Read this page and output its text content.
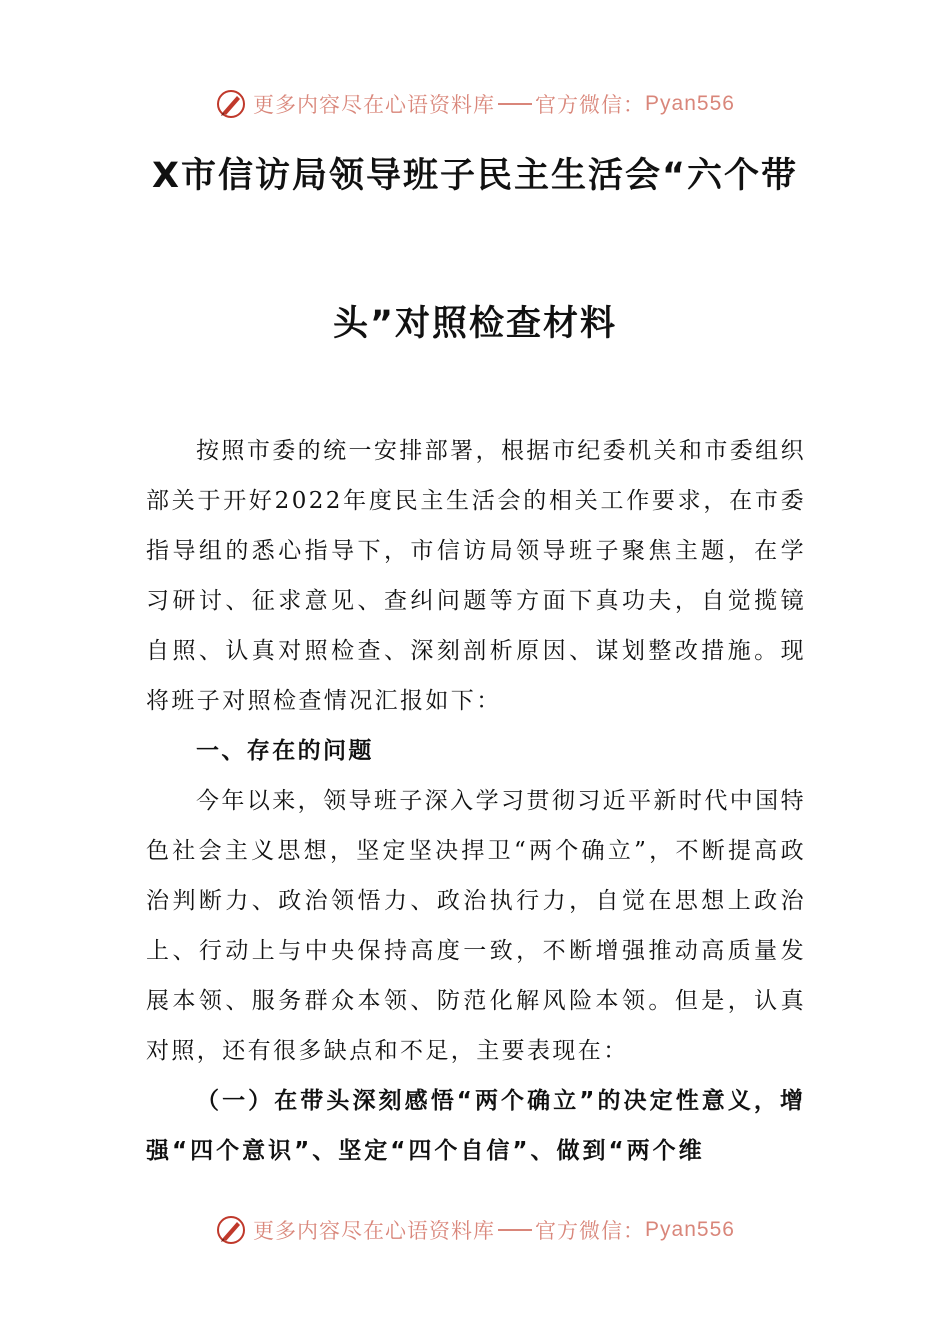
更多内容尽在心语资料库 官方微信： Pyan556
X市信访局领导班子民主生活会“六个带
头”对照检查材料

按照市委的统一安排部署，根据市纪委机关和市委组织部关于开好2022年度民主生活会的相关工作要求，在市委指导组的悉心指导下，市信访局领导班子聚焦主题，在学习研讨、征求意见、查纠问题等方面下真功夫，自觉揽镜自照、认真对照检查、深刻剖析原因、谋划整改措施。现将班子对照检查情况汇报如下：

一、存在的问题

今年以来，领导班子深入学习贯彻习近平新时代中国特色社会主义思想，坚定坚决捍卫“两个确立”，不断提高政治判断力、政治领悟力、政治执行力，自觉在思想上政治上、行动上与中央保持高度一致，不断增强推动高质量发展本领、服务群众本领、防范化解风险本领。但是，认真对照，还有很多缺点和不足，主要表现在：

（一）在带头深刻感悟“两个确立”的决定性意义，增强“四个意识”、坚定“四个自信”、做到“两个维

更多内容尽在心语资料库 官方微信： Pyan556
